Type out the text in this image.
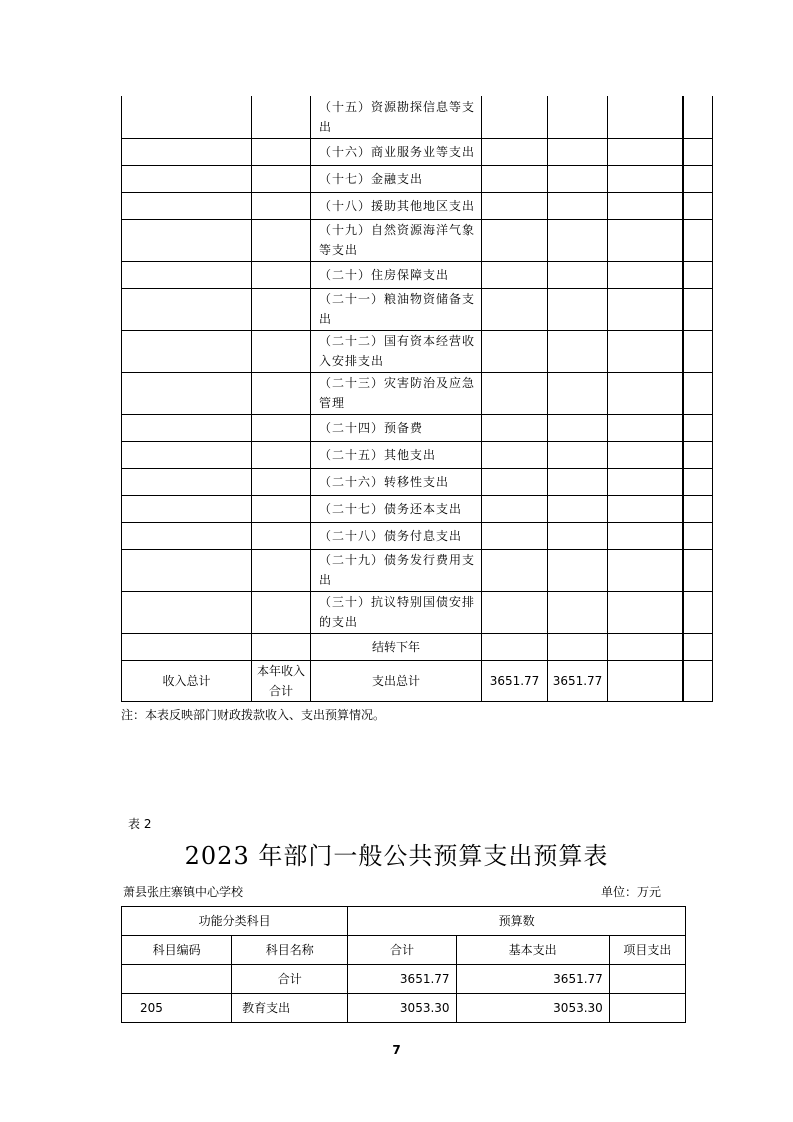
		（十五）资源勘探信息等支出					
		（十六）商业服务业等支出					
		（十七）金融支出					
		（十八）援助其他地区支出					
		（十九）自然资源海洋气象等支出					
		（二十）住房保障支出					
		（二十一）粮油物资储备支出					
		（二十二）国有资本经营收入安排支出					
		（二十三）灾害防治及应急管理					
		（二十四）预备费					
		（二十五）其他支出					
		（二十六）转移性支出					
		（二十七）债务还本支出					
		（二十八）债务付息支出					
		（二十九）债务发行费用支出					
		（三十）抗议特别国债安排的支出					
		结转下年					
收入总计	本年收入合计	支出总计	3651.77	3651.77			
注：本表反映部门财政拨款收入、支出预算情况。
表 2
2023 年部门一般公共预算支出预算表
萧县张庄寨镇中心学校	单位：万元
功能分类科目		预算数		
科目编码	科目名称	合计	基本支出	项目支出
	合计	3651.77	3651.77	
205	教育支出	3053.30	3053.30	
7
